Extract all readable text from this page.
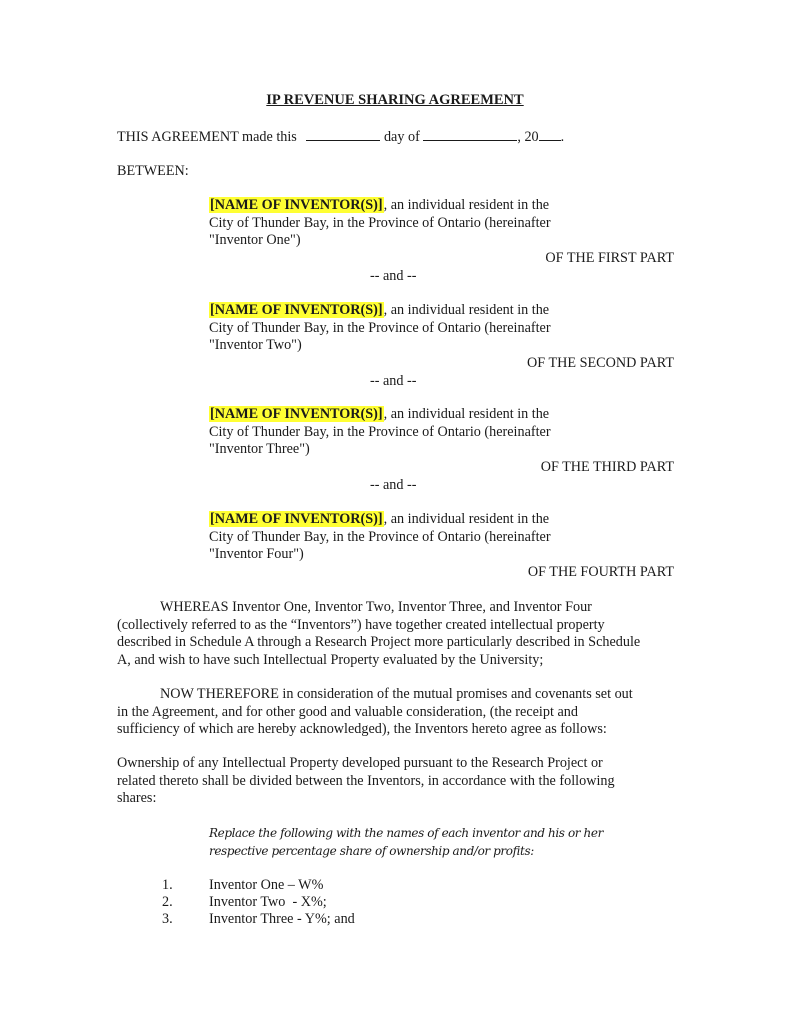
IP REVENUE SHARING AGREEMENT
THIS AGREEMENT made this	day of	, 20 .
BETWEEN:
[NAME OF INVENTOR(S)], an individual resident in the
City of Thunder Bay, in the Province of Ontario (hereinafter
"Inventor One")
OF THE FIRST PART
-- and --
[NAME OF INVENTOR(S)], an individual resident in the
City of Thunder Bay, in the Province of Ontario (hereinafter
"Inventor Two")
OF THE SECOND PART
-- and --
[NAME OF INVENTOR(S)], an individual resident in the
City of Thunder Bay, in the Province of Ontario (hereinafter
"Inventor Three")
OF THE THIRD PART
-- and --
[NAME OF INVENTOR(S)], an individual resident in the
City of Thunder Bay, in the Province of Ontario (hereinafter
"Inventor Four")
OF THE FOURTH PART
WHEREAS Inventor One, Inventor Two, Inventor Three, and Inventor Four
(collectively referred to as the “Inventors”) have together created intellectual property
described in Schedule A through a Research Project more particularly described in Schedule
A, and wish to have such Intellectual Property evaluated by the University;
NOW THEREFORE in consideration of the mutual promises and covenants set out
in the Agreement, and for other good and valuable consideration, (the receipt and
sufficiency of which are hereby acknowledged), the Inventors hereto agree as follows:
Ownership of any Intellectual Property developed pursuant to the Research Project or
related thereto shall be divided between the Inventors, in accordance with the following
shares:
Replace the following with the names of each inventor and his or her
respective percentage share of ownership and/or profits:
1.	Inventor One – W%
2.	Inventor Two  - X%;
3.	Inventor Three - Y%; and
